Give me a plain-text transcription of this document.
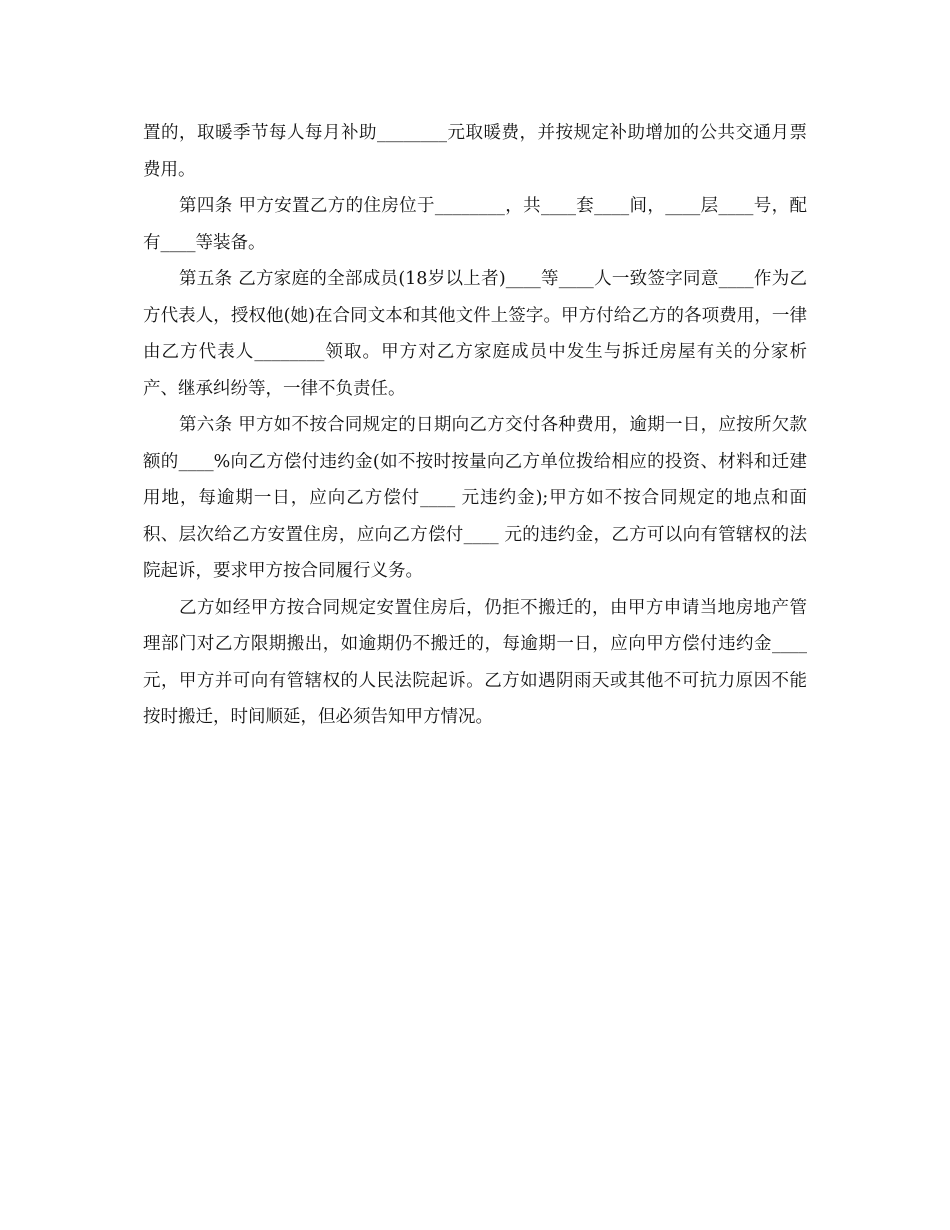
置的，取暖季节每人每月补助________元取暖费，并按规定补助增加的公共交通月票费用。

第四条 甲方安置乙方的住房位于________，共____套____间，____层____号，配有____等装备。

第五条 乙方家庭的全部成员(18岁以上者)____等____人一致签字同意____作为乙方代表人，授权他(她)在合同文本和其他文件上签字。甲方付给乙方的各项费用，一律由乙方代表人________领取。甲方对乙方家庭成员中发生与拆迁房屋有关的分家析产、继承纠纷等，一律不负责任。

第六条 甲方如不按合同规定的日期向乙方交付各种费用，逾期一日，应按所欠款额的____%向乙方偿付违约金(如不按时按量向乙方单位拨给相应的投资、材料和迁建用地，每逾期一日，应向乙方偿付____ 元违约金);甲方如不按合同规定的地点和面积、层次给乙方安置住房，应向乙方偿付____ 元的违约金，乙方可以向有管辖权的法院起诉，要求甲方按合同履行义务。

乙方如经甲方按合同规定安置住房后，仍拒不搬迁的，由甲方申请当地房地产管理部门对乙方限期搬出，如逾期仍不搬迁的，每逾期一日，应向甲方偿付违约金____ 元，甲方并可向有管辖权的人民法院起诉。乙方如遇阴雨天或其他不可抗力原因不能按时搬迁，时间顺延，但必须告知甲方情况。
